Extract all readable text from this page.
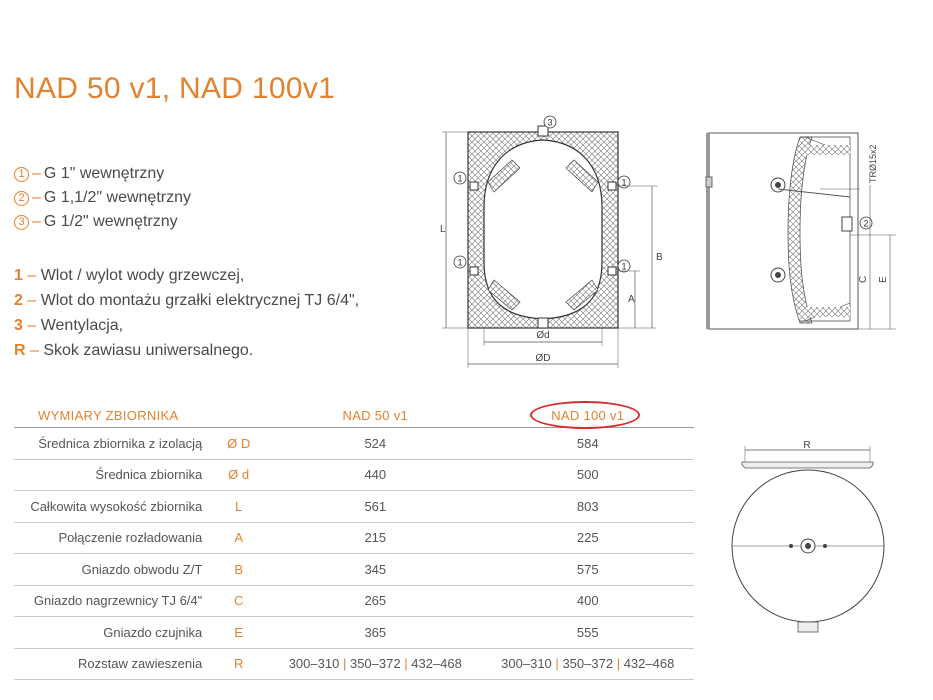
NAD 50 v1, NAD 100v1
1 – G 1" wewnętrzny
2 – G 1,1/2" wewnętrzny
3 – G 1/2" wewnętrzny
1 – Wlot / wylot wody grzewczej,
2 – Wlot do montażu grzałki elektrycznej TJ 6/4",
3 – Wentylacja,
R – Skok zawiasu uniwersalnego.
3
1	1
1	1
L
B
A
Ød
ØD
2
TRØ15x2
C E
R
WYMIARY ZBIORNIKA		NAD 50 v1	NAD 100 v1
Średnica zbiornika z izolacją	Ø D	524	584
Średnica zbiornika	Ø d	440	500
Całkowita wysokość zbiornika	L	561	803
Połączenie rozładowania	A	215	225
Gniazdo obwodu Z/T	B	345	575
Gniazdo nagrzewnicy TJ 6/4"	C	265	400
Gniazdo czujnika	E	365	555
Rozstaw zawieszenia	R	300–310 | 350–372 | 432–468	300–310 | 350–372 | 432–468
